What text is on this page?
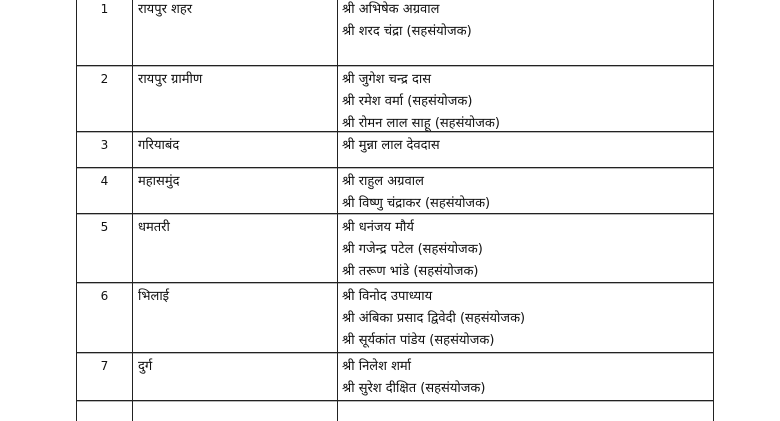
1	रायपुर शहर	श्री अभिषेक अग्रवाल
श्री शरद चंद्रा (सहसंयोजक)
2	रायपुर ग्रामीण	श्री जुगेश चन्द्र दास
श्री रमेश वर्मा (सहसंयोजक)
श्री रोमन लाल साहू (सहसंयोजक)
3	गरियाबंद	श्री मुन्ना लाल देवदास
4	महासमुंद	श्री राहुल अग्रवाल
श्री विष्णु चंद्राकर (सहसंयोजक)
5	धमतरी	श्री धनंजय मौर्य
श्री गजेन्द्र पटेल (सहसंयोजक)
श्री तरूण भांडे (सहसंयोजक)
6	भिलाई	श्री विनोद उपाध्याय
श्री अंबिका प्रसाद द्विवेदी (सहसंयोजक)
श्री सूर्यकांत पांडेय (सहसंयोजक)
7	दुर्ग	श्री निलेश शर्मा
श्री सुरेश दीक्षित (सहसंयोजक)
